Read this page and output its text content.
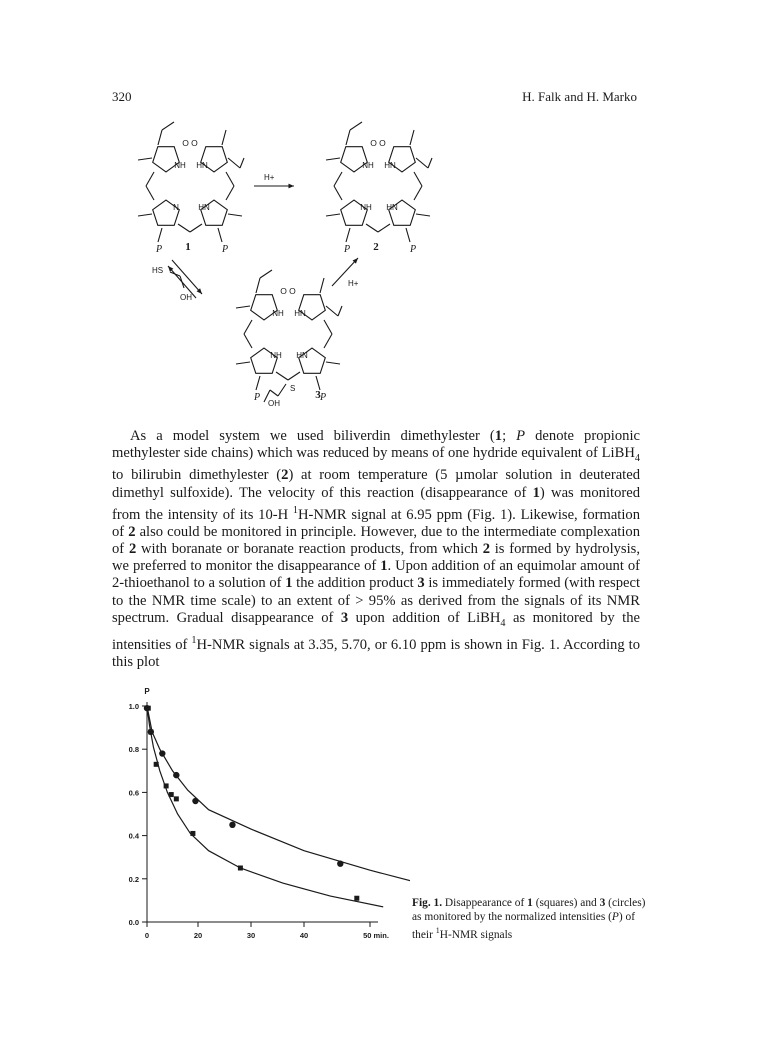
320	H. Falk and H. Marko
O O
NH HN
N HN
P	P
1
O O
NH HN
NH HN
P	P
2
O O
NH HN
NH HN
P	P
3
S
OH
H+
H+
HS
OH

As a model system we used biliverdin dimethylester (1; P denote propionic methylester side chains) which was reduced by means of one hydride equivalent of LiBH$_4$ to bilirubin dimethylester (2) at room temperature (5 µmolar solution in deuterated dimethyl sulfoxide). The velocity of this reaction (disappearance of 1) was monitored from the intensity of its 10-H $^1$H-NMR signal at 6.95 ppm (Fig. 1). Likewise, formation of 2 also could be monitored in principle. However, due to the intermediate complexation of 2 with boranate or boranate reaction products, from which 2 is formed by hydrolysis, we preferred to monitor the disappearance of 1. Upon addition of an equimolar amount of 2-thioethanol to a solution of 1 the addition product 3 is immediately formed (with respect to the NMR time scale) to an extent of > 95% as derived from the signals of its NMR spectrum. Gradual disappearance of 3 upon addition of LiBH$_4$ as monitored by the intensities of $^1$H-NMR signals at 3.35, 5.70, or 6.10 ppm is shown in Fig. 1. According to this plot

P
0.0
0.2
0.4
0.6
0.8
1.0
0	20	30	40	50 min.
Fig. 1. Disappearance of 1 (squares) and 3 (circles) as monitored by the normalized intensities (P) of their $^1$H-NMR signals
